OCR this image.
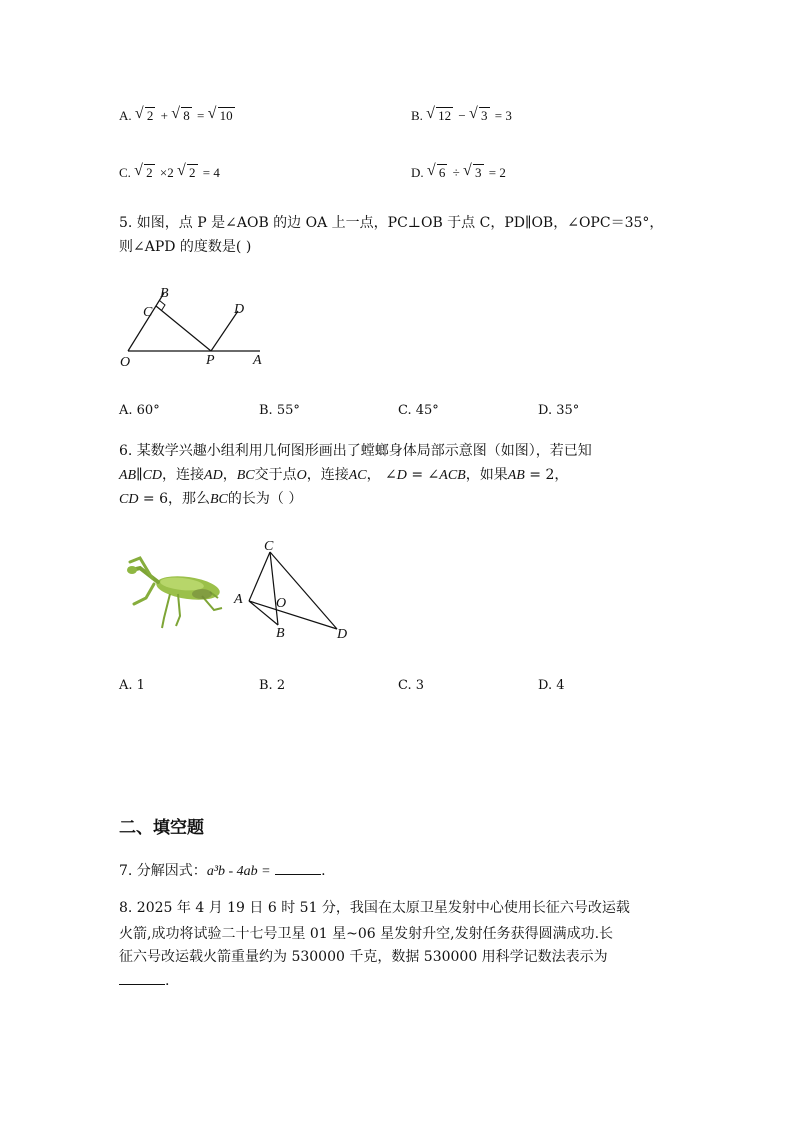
A. √ 2 + √ 8 = √ 10	B. √ 12 − √ 3 = 3
C. √ 2 ×2 √ 2 = 4	D. √ 6 ÷ √ 3 = 2
5. 如图，点 P 是∠AOB 的边 OA 上一点，PC⊥OB 于点 C，PD∥OB，∠OPC＝35°，
则∠APD 的度数是( )
B
C	D
O	P	A
A. 60°	B. 55°	C. 45°	D. 35°
6. 某数学兴趣小组利用几何图形画出了螳螂身体局部示意图（如图），若已知
AB∥CD，连接AD，BC交于点O，连接AC， ∠D = ∠ACB，如果AB = 2，
CD = 6，那么BC的长为（ ）
C
A O
B	D
A. 1	B. 2	C. 3	D. 4
二、填空题
7. 分解因式：a³b - 4ab =	.
8. 2025 年 4 月 19 日 6 时 51 分，我国在太原卫星发射中心使用长征六号改运载
火箭,成功将试验二十七号卫星 01 星~06 星发射升空,发射任务获得圆满成功.长
征六号改运载火箭重量约为 530000 千克，数据 530000 用科学记数法表示为
.
